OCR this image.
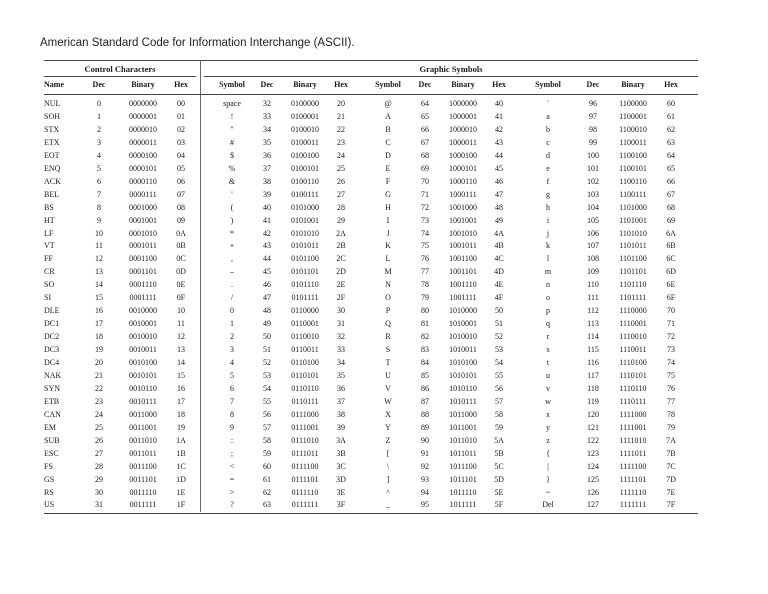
American Standard Code for Information Interchange (ASCII).
Control Characters	Graphic Symbols
Name	Dec	Binary	Hex	Symbol	Dec	Binary	Hex	Symbol	Dec	Binary	Hex	Symbol	Dec	Binary	Hex
NUL	0	0000000	00	space	32	0100000	20	@	64	1000000	40	`	96	1100000	60
SOH	1	0000001	01	!	33	0100001	21	A	65	1000001	41	a	97	1100001	61
STX	2	0000010	02	"	34	0100010	22	B	66	1000010	42	b	98	1100010	62
ETX	3	0000011	03	#	35	0100011	23	C	67	1000011	43	c	99	1100011	63
EOT	4	0000100	04	$	36	0100100	24	D	68	1000100	44	d	100	1100100	64
ENQ	5	0000101	05	%	37	0100101	25	E	69	1000101	45	e	101	1100101	65
ACK	6	0000110	06	&	38	0100110	26	F	70	1000110	46	f	102	1100110	66
BEL	7	0000111	07	'	39	0100111	27	G	71	1000111	47	g	103	1100111	67
BS	8	0001000	08	(	40	0101000	28	H	72	1001000	48	h	104	1101000	68
HT	9	0001001	09	)	41	0101001	29	I	73	1001001	49	i	105	1101001	69
LF	10	0001010	0A	*	42	0101010	2A	J	74	1001010	4A	j	106	1101010	6A
VT	11	0001011	0B	+	43	0101011	2B	K	75	1001011	4B	k	107	1101011	6B
FF	12	0001100	0C	,	44	0101100	2C	L	76	1001100	4C	l	108	1101100	6C
CR	13	0001101	0D	–	45	0101101	2D	M	77	1001101	4D	m	109	1101101	6D
SO	14	0001110	0E	.	46	0101110	2E	N	78	1001110	4E	n	110	1101110	6E
SI	15	0001111	0F	/	47	0101111	2F	O	79	1001111	4F	o	111	1101111	6F
DLE	16	0010000	10	0	48	0110000	30	P	80	1010000	50	p	112	1110000	70
DC1	17	0010001	11	1	49	0110001	31	Q	81	1010001	51	q	113	1110001	71
DC2	18	0010010	12	2	50	0110010	32	R	82	1010010	52	r	114	1110010	72
DC3	19	0010011	13	3	51	0110011	33	S	83	1010011	53	s	115	1110011	73
DC4	20	0010100	14	4	52	0110100	34	T	84	1010100	54	t	116	1110100	74
NAK	21	0010101	15	5	53	0110101	35	U	85	1010101	55	u	117	1110101	75
SYN	22	0010110	16	6	54	0110110	36	V	86	1010110	56	v	118	1110110	76
ETB	23	0010111	17	7	55	0110111	37	W	87	1010111	57	w	119	1110111	77
CAN	24	0011000	18	8	56	0111000	38	X	88	1011000	58	x	120	1111000	78
EM	25	0011001	19	9	57	0111001	39	Y	89	1011001	59	y	121	1111001	79
SUB	26	0011010	1A	:	58	0111010	3A	Z	90	1011010	5A	z	122	1111010	7A
ESC	27	0011011	1B	;	59	0111011	3B	[	91	1011011	5B	{	123	1111011	7B
FS	28	0011100	1C	<	60	0111100	3C	\	92	1011100	5C	|	124	1111100	7C
GS	29	0011101	1D	=	61	0111101	3D	]	93	1011101	5D	}	125	1111101	7D
RS	30	0011110	1E	>	62	0111110	3E	^	94	1011110	5E	~	126	1111110	7E
US	31	0011111	1F	?	63	0111111	3F	_	95	1011111	5F	Del	127	1111111	7F
